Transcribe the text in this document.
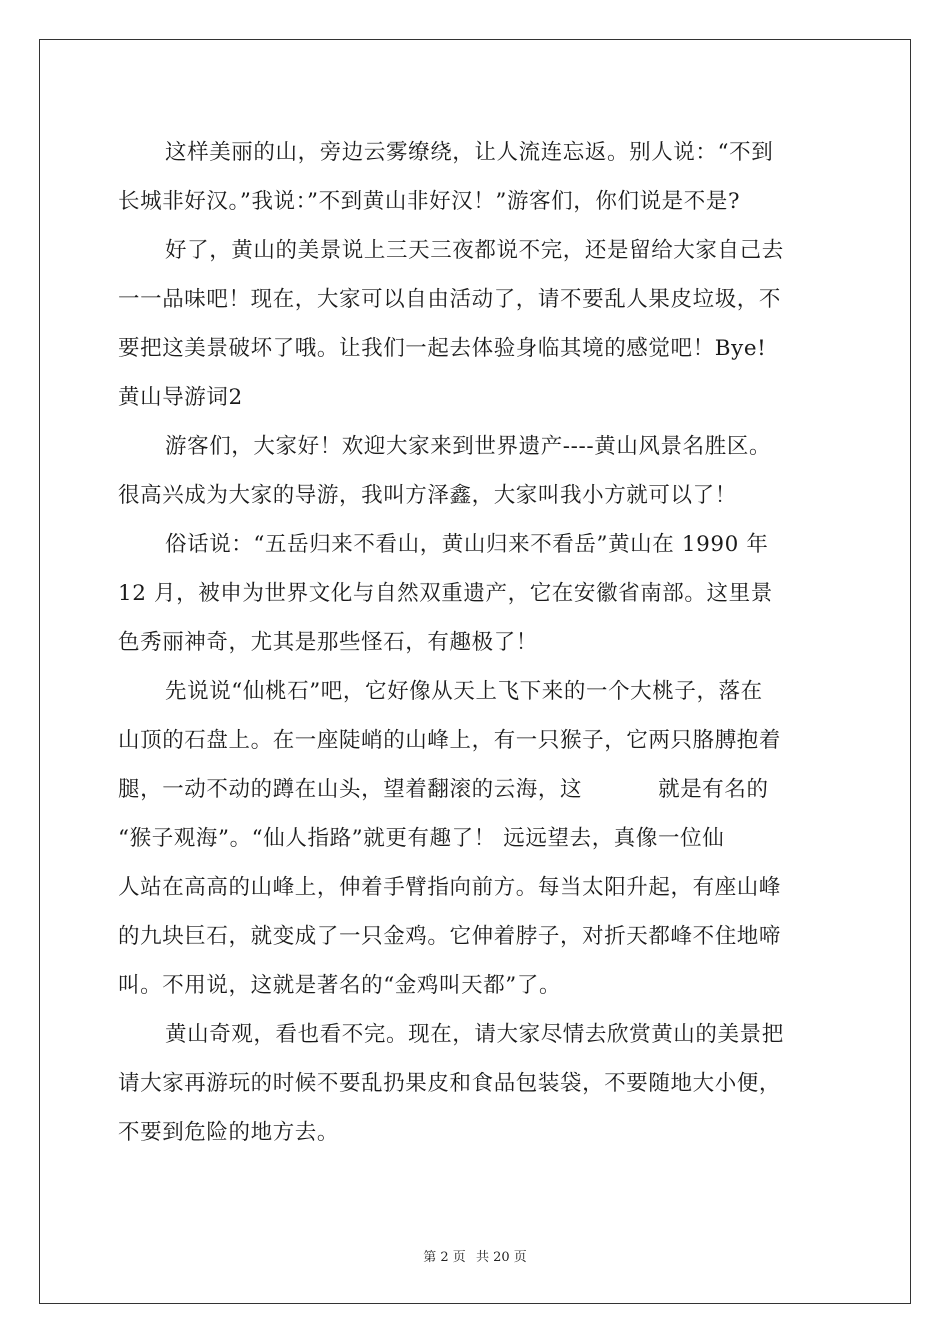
这样美丽的山，旁边云雾缭绕，让人流连忘返。别人说：“不到
长城非好汉。”我说：”不到黄山非好汉！”游客们，你们说是不是?
好了，黄山的美景说上三天三夜都说不完，还是留给大家自己去
一一品味吧！现在，大家可以自由活动了，请不要乱人果皮垃圾，不
要把这美景破坏了哦。让我们一起去体验身临其境的感觉吧！Bye!
黄山导游词2
游客们，大家好！欢迎大家来到世界遗产----黄山风景名胜区。
很高兴成为大家的导游，我叫方泽鑫，大家叫我小方就可以了！
俗话说：“五岳归来不看山，黄山归来不看岳”黄山在 1990 年
12 月，被申为世界文化与自然双重遗产，它在安徽省南部。这里景
色秀丽神奇，尤其是那些怪石，有趣极了！
先说说“仙桃石”吧，它好像从天上飞下来的一个大桃子，落在
山顶的石盘上。在一座陡峭的山峰上，有一只猴子，它两只胳膊抱着
腿，一动不动的蹲在山头，望着翻滚的云海，这	就是有名的
“猴子观海”。“仙人指路”就更有趣了！ 远远望去，真像一位仙
人站在高高的山峰上，伸着手臂指向前方。每当太阳升起，有座山峰
的九块巨石，就变成了一只金鸡。它伸着脖子，对折天都峰不住地啼
叫。不用说，这就是著名的“金鸡叫天都”了。
黄山奇观，看也看不完。现在，请大家尽情去欣赏黄山的美景把
请大家再游玩的时候不要乱扔果皮和食品包装袋，不要随地大小便，
不要到危险的地方去。
第 2 页 共 20 页
